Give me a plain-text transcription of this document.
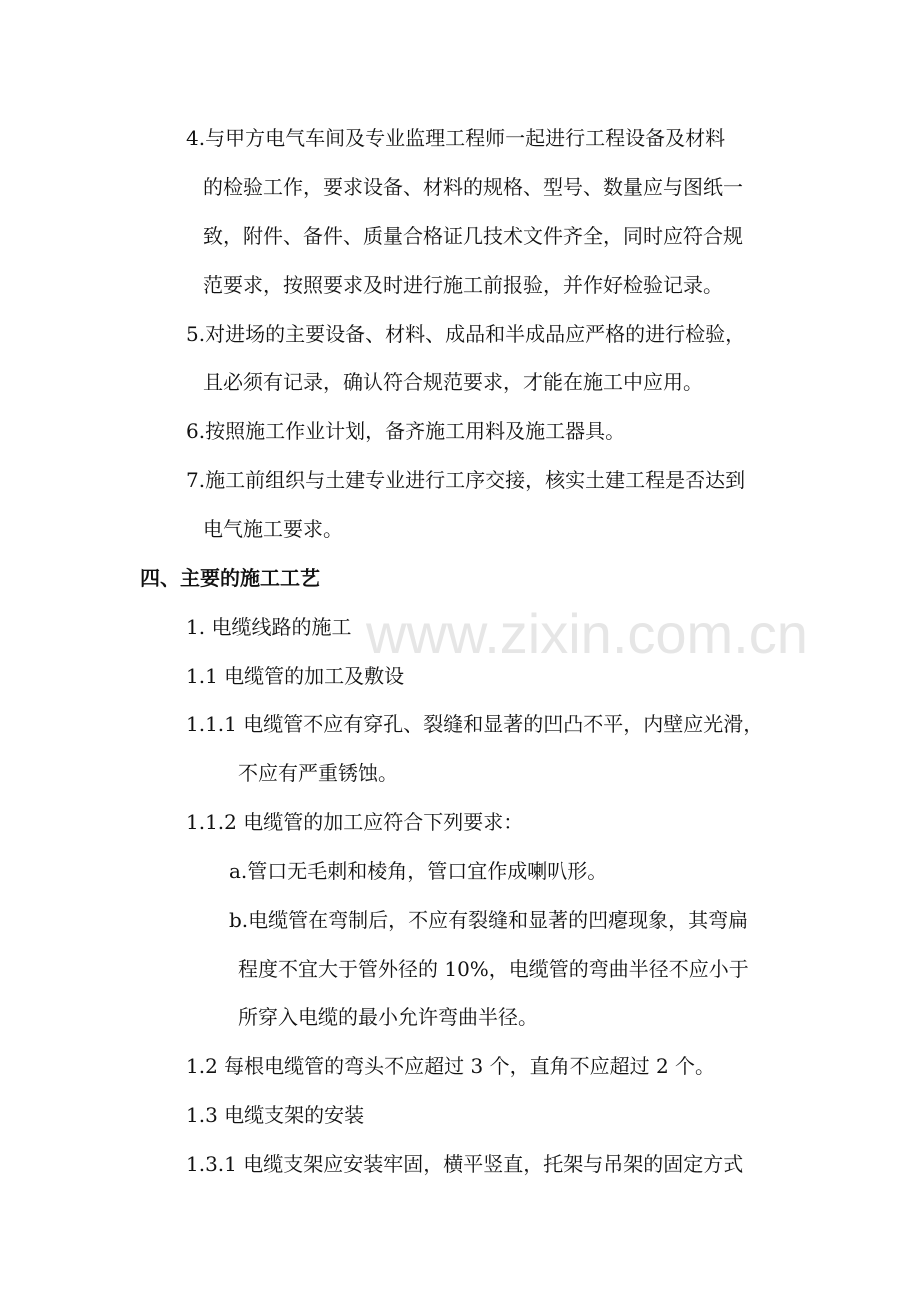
www.zixin.com.cn
4.与甲方电气车间及专业监理工程师一起进行工程设备及材料
的检验工作，要求设备、材料的规格、型号、数量应与图纸一
致，附件、备件、质量合格证几技术文件齐全，同时应符合规
范要求，按照要求及时进行施工前报验，并作好检验记录。
5.对进场的主要设备、材料、成品和半成品应严格的进行检验，
且必须有记录，确认符合规范要求，才能在施工中应用。
6.按照施工作业计划，备齐施工用料及施工器具。
7.施工前组织与土建专业进行工序交接，核实土建工程是否达到
电气施工要求。
四、主要的施工工艺
1. 电缆线路的施工
1.1 电缆管的加工及敷设
1.1.1 电缆管不应有穿孔、裂缝和显著的凹凸不平，内壁应光滑，
不应有严重锈蚀。
1.1.2 电缆管的加工应符合下列要求：
a.管口无毛刺和棱角，管口宜作成喇叭形。
b.电缆管在弯制后，不应有裂缝和显著的凹瘪现象，其弯扁
程度不宜大于管外径的 10%，电缆管的弯曲半径不应小于
所穿入电缆的最小允许弯曲半径。
1.2 每根电缆管的弯头不应超过 3 个，直角不应超过 2 个。
1.3 电缆支架的安装
1.3.1 电缆支架应安装牢固，横平竖直，托架与吊架的固定方式
